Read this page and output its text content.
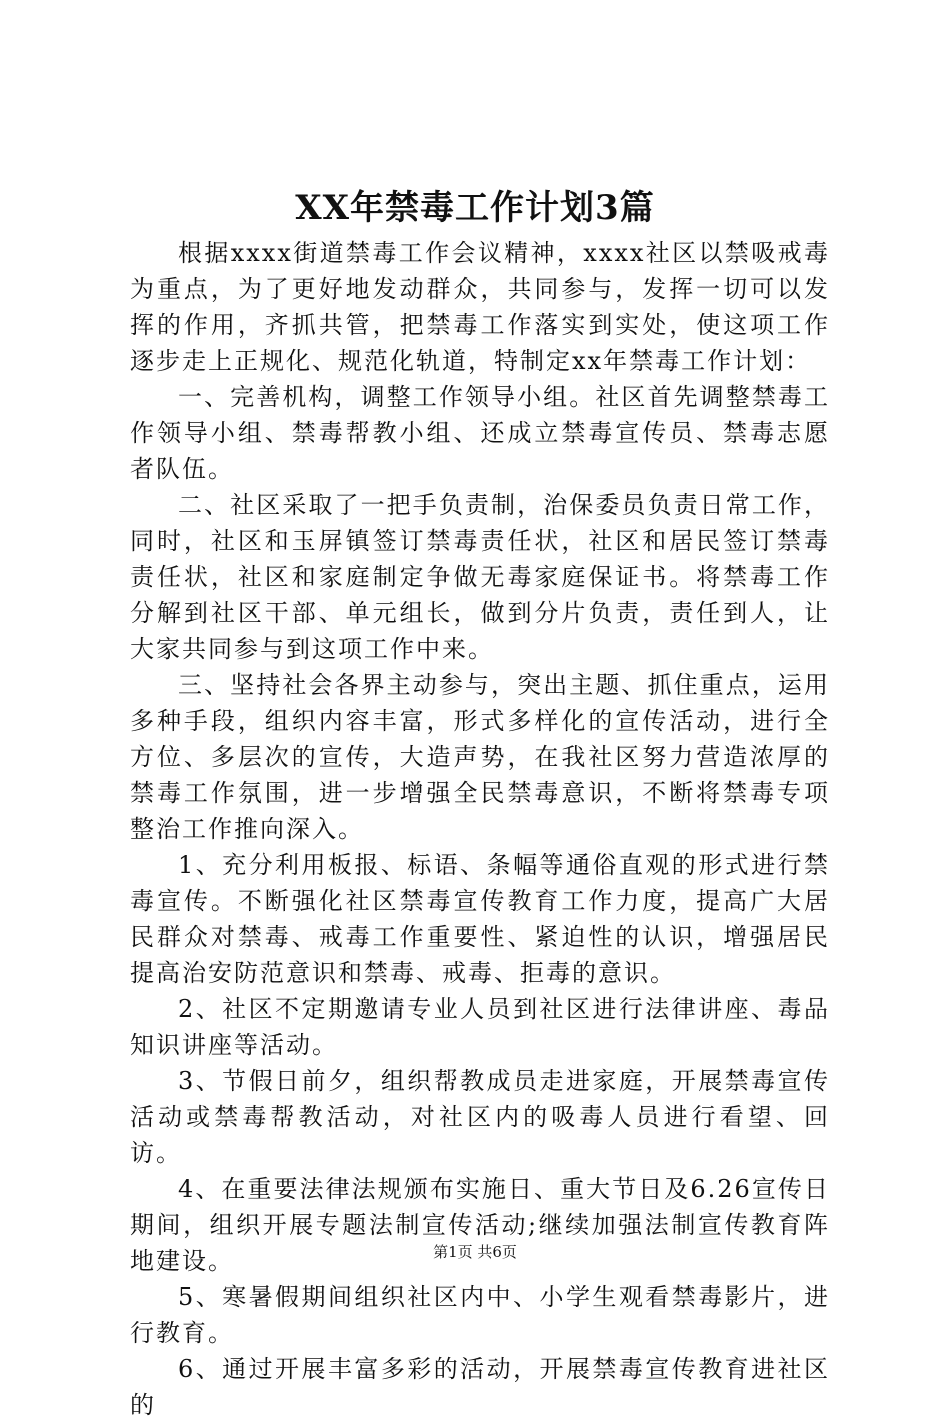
XX年禁毒工作计划3篇

根据xxxx街道禁毒工作会议精神，xxxx社区以禁吸戒毒为重点，为了更好地发动群众，共同参与，发挥一切可以发挥的作用，齐抓共管，把禁毒工作落实到实处，使这项工作逐步走上正规化、规范化轨道，特制定xx年禁毒工作计划：

一、完善机构，调整工作领导小组。社区首先调整禁毒工作领导小组、禁毒帮教小组、还成立禁毒宣传员、禁毒志愿者队伍。

二、社区采取了一把手负责制，治保委员负责日常工作，同时，社区和玉屏镇签订禁毒责任状，社区和居民签订禁毒责任状，社区和家庭制定争做无毒家庭保证书。将禁毒工作分解到社区干部、单元组长，做到分片负责，责任到人，让大家共同参与到这项工作中来。

三、坚持社会各界主动参与，突出主题、抓住重点，运用多种手段，组织内容丰富，形式多样化的宣传活动，进行全方位、多层次的宣传，大造声势，在我社区努力营造浓厚的禁毒工作氛围，进一步增强全民禁毒意识，不断将禁毒专项整治工作推向深入。

1、充分利用板报、标语、条幅等通俗直观的形式进行禁毒宣传。不断强化社区禁毒宣传教育工作力度，提高广大居民群众对禁毒、戒毒工作重要性、紧迫性的认识，增强居民提高治安防范意识和禁毒、戒毒、拒毒的意识。

2、社区不定期邀请专业人员到社区进行法律讲座、毒品知识讲座等活动。

3、节假日前夕，组织帮教成员走进家庭，开展禁毒宣传活动或禁毒帮教活动，对社区内的吸毒人员进行看望、回访。

4、在重要法律法规颁布实施日、重大节日及6.26宣传日期间，组织开展专题法制宣传活动;继续加强法制宣传教育阵地建设。

5、寒暑假期间组织社区内中、小学生观看禁毒影片，进行教育。

6、通过开展丰富多彩的活动，开展禁毒宣传教育进社区的

第1页 共6页
